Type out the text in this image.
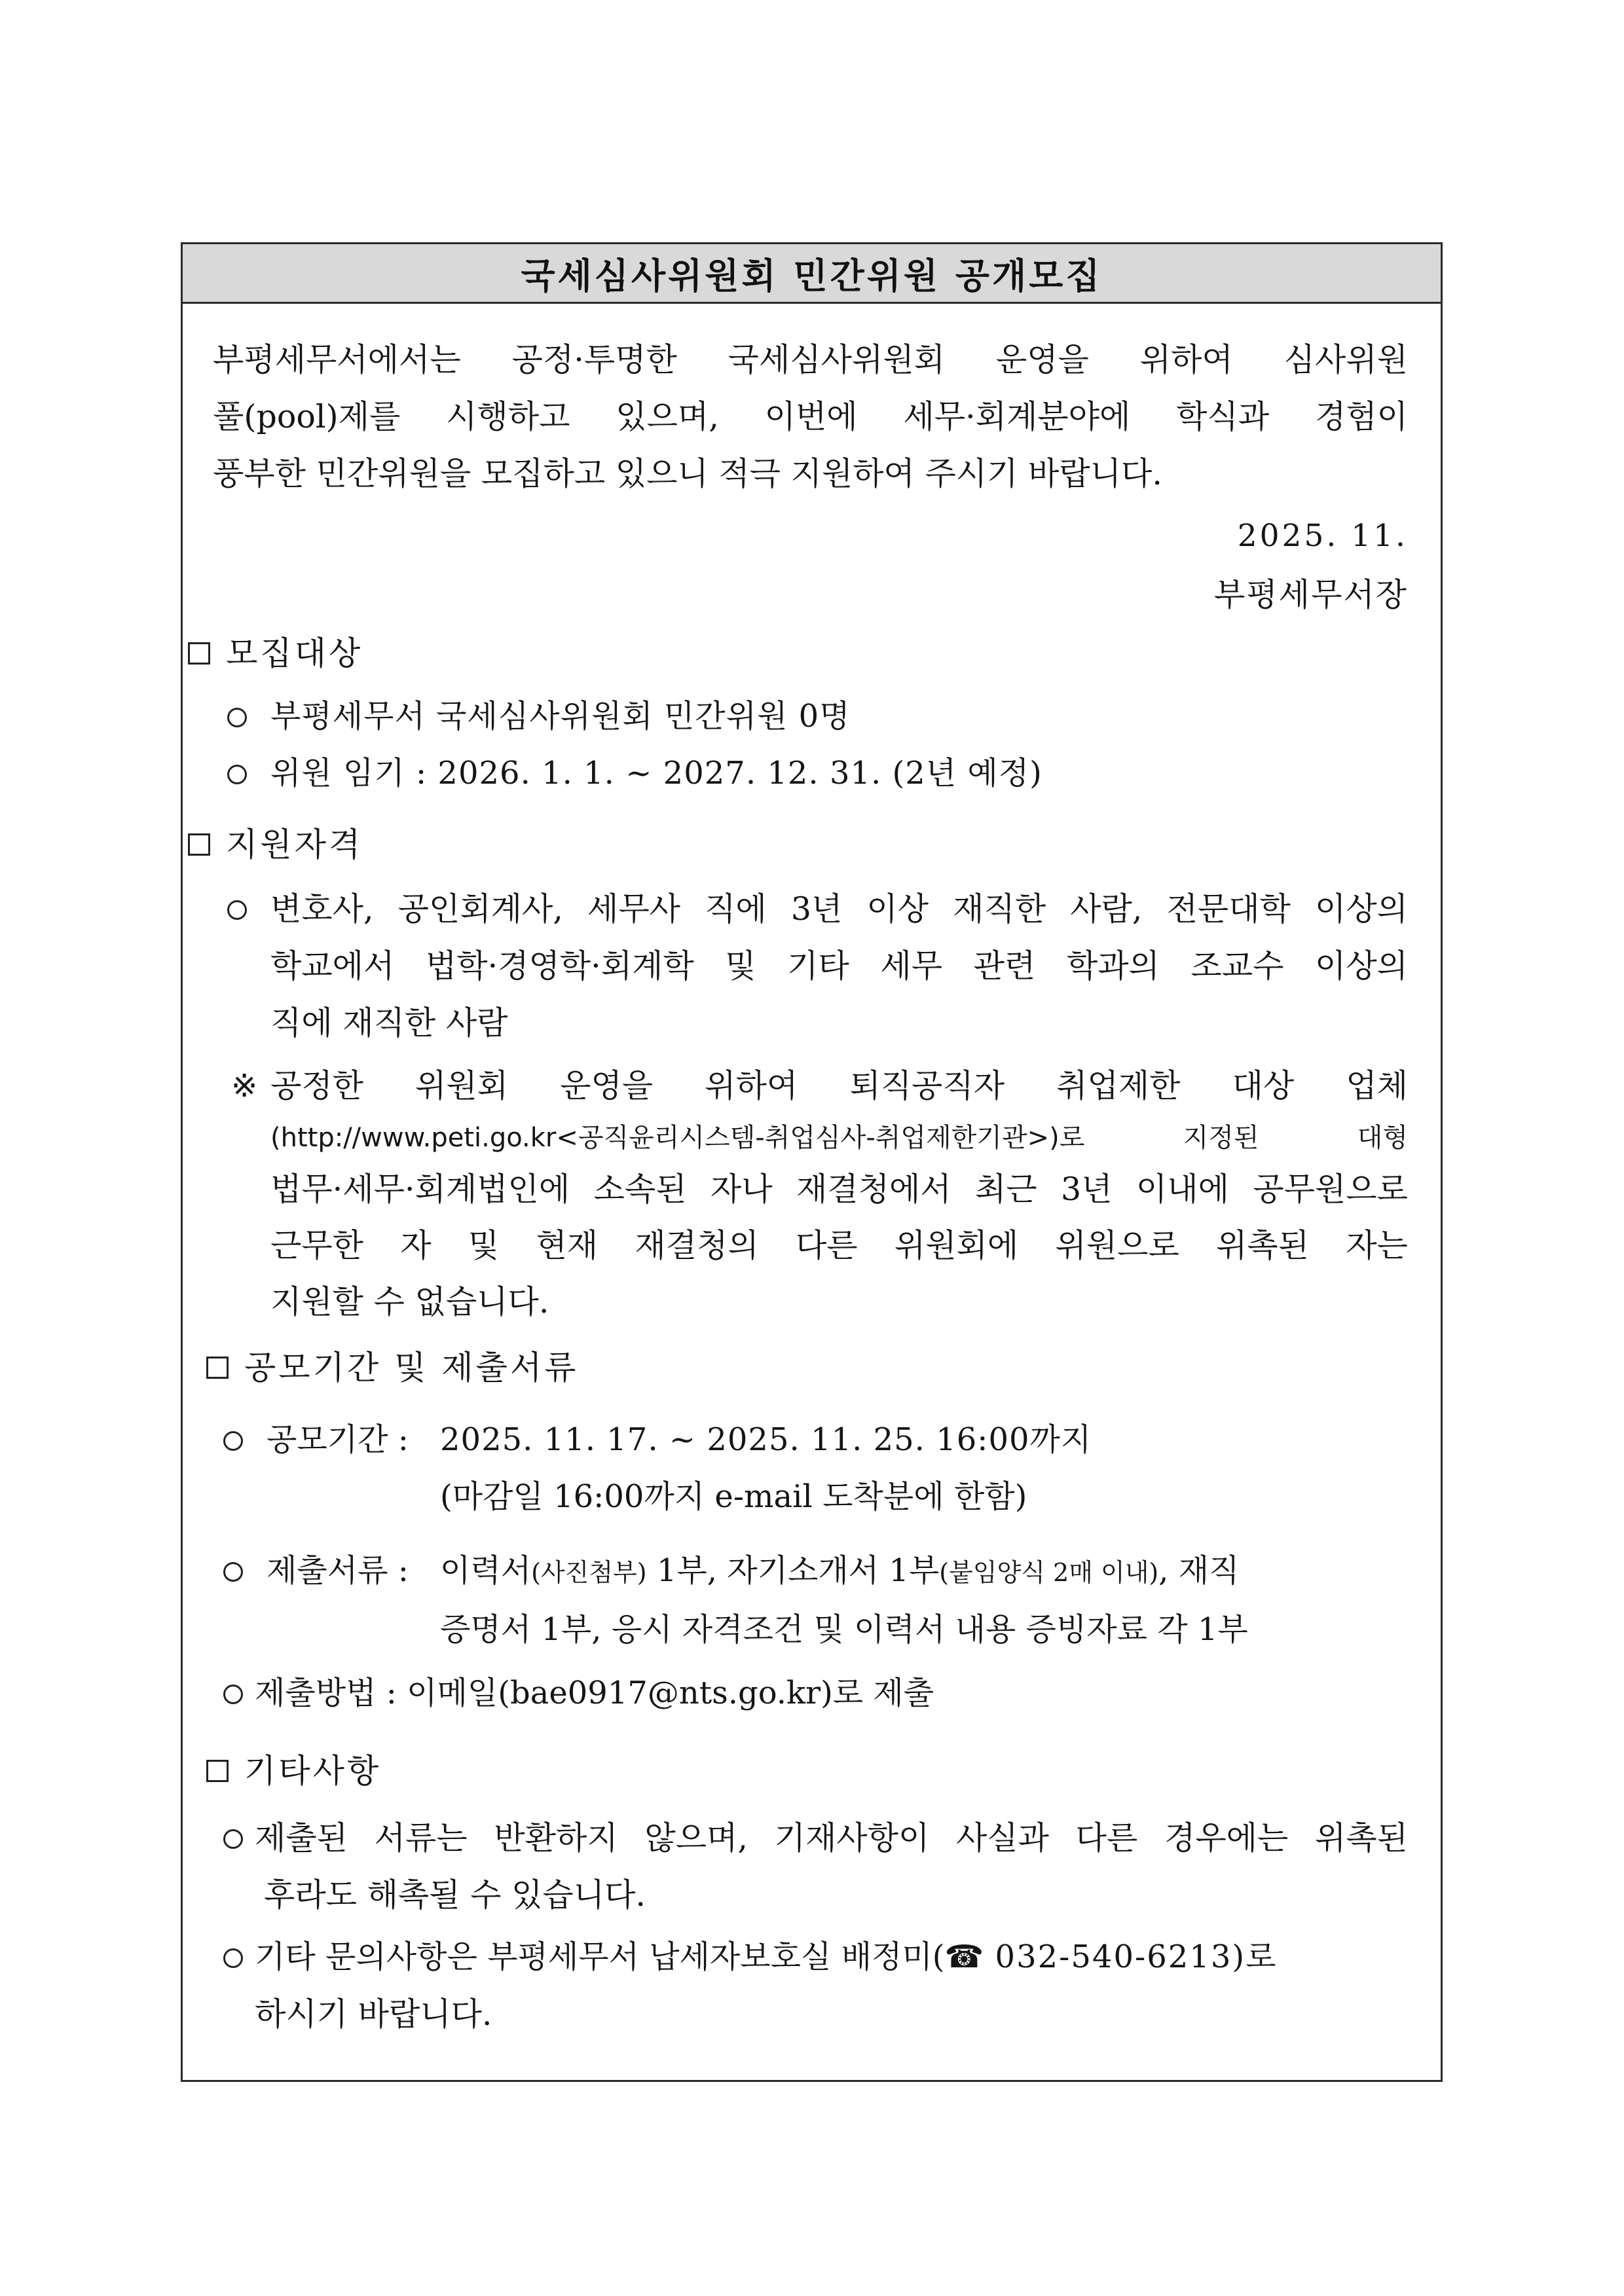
국세심사위원회 민간위원 공개모집

부평세무서에서는 공정·투명한 국세심사위원회 운영을 위하여 심사위원

풀(pool)제를 시행하고 있으며, 이번에 세무·회계분야에 학식과 경험이

풍부한 민간위원을 모집하고 있으니 적극 지원하여 주시기 바랍니다.

2025. 11.

부평세무서장

모집대상
부평세무서 국세심사위원회 민간위원 0명
위원 임기 : 2026. 1. 1. ~ 2027. 12. 31. (2년 예정)
지원자격

변호사, 공인회계사, 세무사 직에 3년 이상 재직한 사람, 전문대학 이상의

학교에서 법학·경영학·회계학 및 기타 세무 관련 학과의 조교수 이상의

직에 재직한 사람

※ 공정한 위원회 운영을 위하여 퇴직공직자 취업제한 대상 업체

(http://www.peti.go.kr<공직윤리시스템-취업심사-취업제한기관>)로 지정된 대형

법무·세무·회계법인에 소속된 자나 재결청에서 최근 3년 이내에 공무원으로

근무한 자 및 현재 재결청의 다른 위원회에 위원으로 위촉된 자는

지원할 수 없습니다.

공모기간 및 제출서류
공모기간 : 2025. 11. 17. ~ 2025. 11. 25. 16:00까지
(마감일 16:00까지 e-mail 도착분에 한함)
제출서류 : 이력서(사진첨부) 1부, 자기소개서 1부(붙임양식 2매 이내), 재직
증명서 1부, 응시 자격조건 및 이력서 내용 증빙자료 각 1부
제출방법 : 이메일(bae0917@nts.go.kr)로 제출
기타사항

제출된 서류는 반환하지 않으며, 기재사항이 사실과 다른 경우에는 위촉된

후라도 해촉될 수 있습니다.

기타 문의사항은 부평세무서 납세자보호실 배정미( ☎ 032-540-6213)로

하시기 바랍니다.
